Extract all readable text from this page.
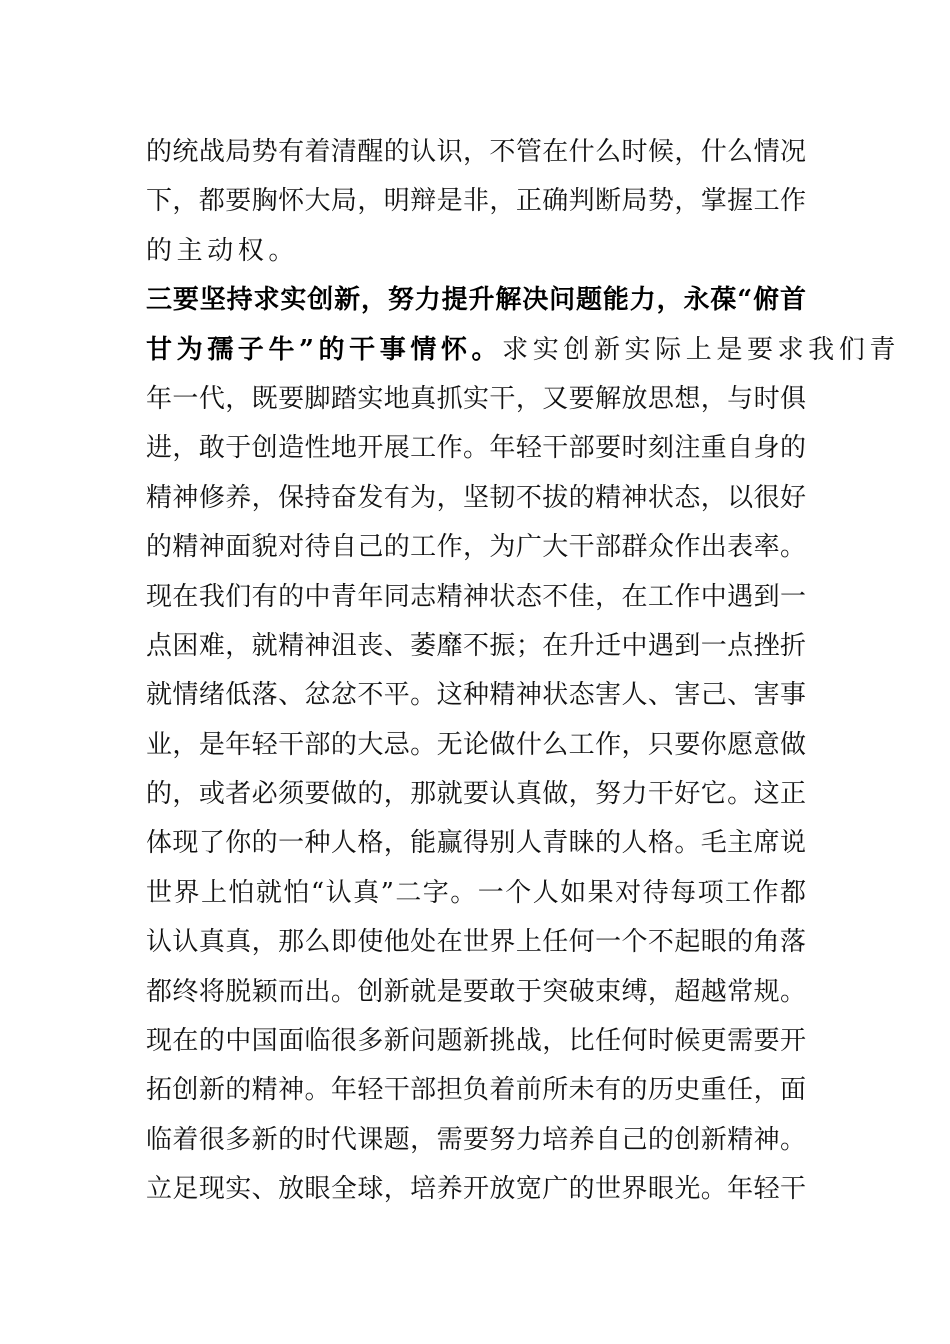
的统战局势有着清醒的认识，不管在什么时候，什么情况
下，都要胸怀大局，明辩是非，正确判断局势，掌握工作
的主动权。
三要坚持求实创新，努力提升解决问题能力，永葆“俯首
甘为孺子牛”的干事情怀。求实创新实际上是要求我们青
年一代，既要脚踏实地真抓实干，又要解放思想，与时俱
进，敢于创造性地开展工作。年轻干部要时刻注重自身的
精神修养，保持奋发有为，坚韧不拔的精神状态，以很好
的精神面貌对待自己的工作，为广大干部群众作出表率。
现在我们有的中青年同志精神状态不佳，在工作中遇到一
点困难，就精神沮丧、萎靡不振；在升迁中遇到一点挫折
就情绪低落、忿忿不平。这种精神状态害人、害己、害事
业，是年轻干部的大忌。无论做什么工作，只要你愿意做
的，或者必须要做的，那就要认真做，努力干好它。这正
体现了你的一种人格，能赢得别人青睐的人格。毛主席说
世界上怕就怕“认真”二字。一个人如果对待每项工作都
认认真真，那么即使他处在世界上任何一个不起眼的角落
都终将脱颖而出。创新就是要敢于突破束缚，超越常规。
现在的中国面临很多新问题新挑战，比任何时候更需要开
拓创新的精神。年轻干部担负着前所未有的历史重任，面
临着很多新的时代课题，需要努力培养自己的创新精神。
立足现实、放眼全球，培养开放宽广的世界眼光。年轻干
